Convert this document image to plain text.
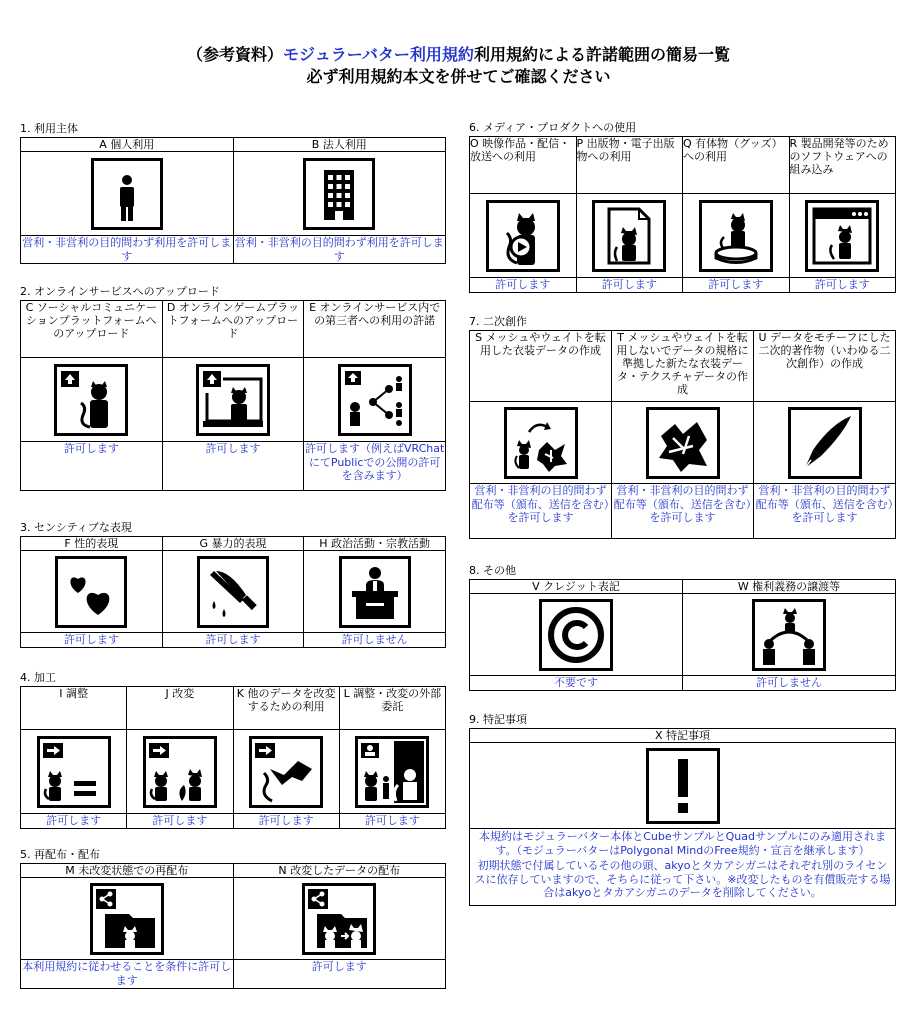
（参考資料）モジュラーバター利用規約利用規約による許諾範囲の簡易一覧
必ず利用規約本文を併せてご確認ください
1. 利用主体
A 個人利用	B 法人利用

営利・非営利の目的問わず利用を許可します	営利・非営利の目的問わず利用を許可します
2. オンラインサービスへのアップロード
C ソーシャルコミュニケーションプラットフォームへのアップロード	D オンラインゲームプラットフォームへのアップロード	E オンラインサービス内での第三者への利用の許諾

許可します	許可します	許可します（例えばVRChatにてPublicでの公開の許可を含みます）
3. センシティブな表現
F 性的表現	G 暴力的表現	H 政治活動・宗教活動

許可します	許可します	許可しません
4. 加工
I 調整	J 改変	K 他のデータを改変するための利用	L 調整・改変の外部委託

許可します	許可します	許可します	許可します
5. 再配布・配布
M 未改変状態での再配布	N 改変したデータの配布

本利用規約に従わせることを条件に許可します	許可します
6. メディア・プロダクトへの使用
O 映像作品・配信・放送への利用	P 出版物・電子出版物への利用	Q 有体物（グッズ）への利用	R 製品開発等のためのソフトウェアへの組み込み

許可します	許可します	許可します	許可します
7. 二次創作
S メッシュやウェイトを転用した衣装データの作成	T メッシュやウェイトを転用しないでデータの規格に準拠した新たな衣装データ・テクスチャデータの作成	U データをモチーフにした二次的著作物（いわゆる二次創作）の作成

営利・非営利の目的問わず配布等（頒布、送信を含む）を許可します	営利・非営利の目的問わず配布等（頒布、送信を含む）を許可します	営利・非営利の目的問わず配布等（頒布、送信を含む）を許可します
8. その他
V クレジット表記	W 権利義務の譲渡等

不要です	許可しません
9. 特記事項
X 特記事項

本規約はモジュラーバター本体とCubeサンプルとQuadサンプルにのみ適用されます。（モジュラーバターはPolygonal MindのFree規約・宣言を継承します）
初期状態で付属しているその他の頭、akyoとタカアシガニはそれぞれ別のライセンスに依存していますので、そちらに従って下さい。※改変したものを有償販売する場合はakyoとタカアシガニのデータを削除してください。
